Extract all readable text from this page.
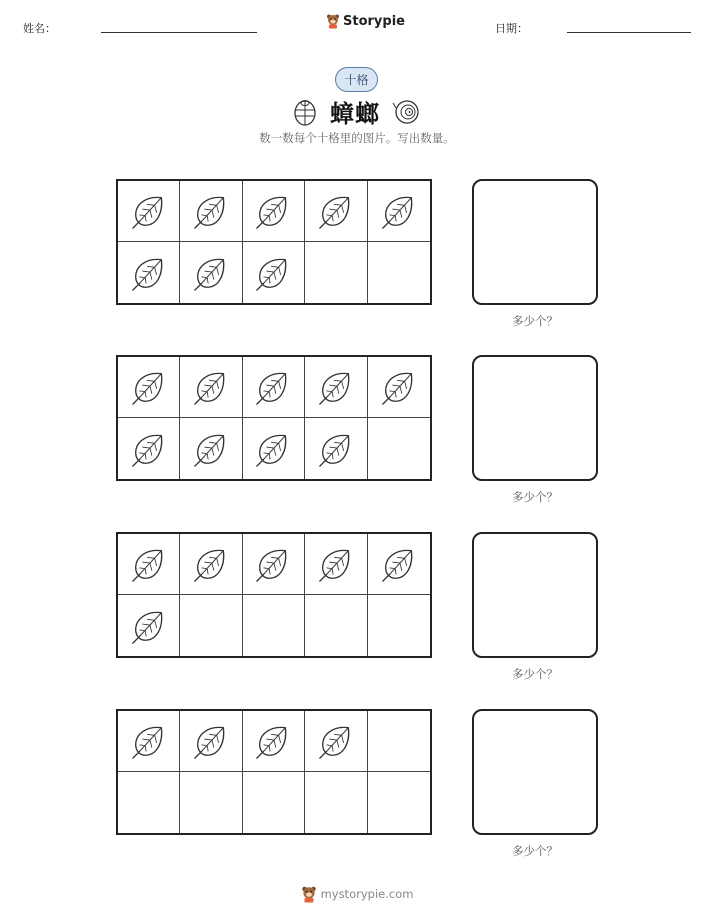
姓名：	Storypie	日期：
十格
蟑螂
数一数每个十格里的图片。写出数量。
多少个？
多少个？
多少个？
多少个？
mystorypie.com
